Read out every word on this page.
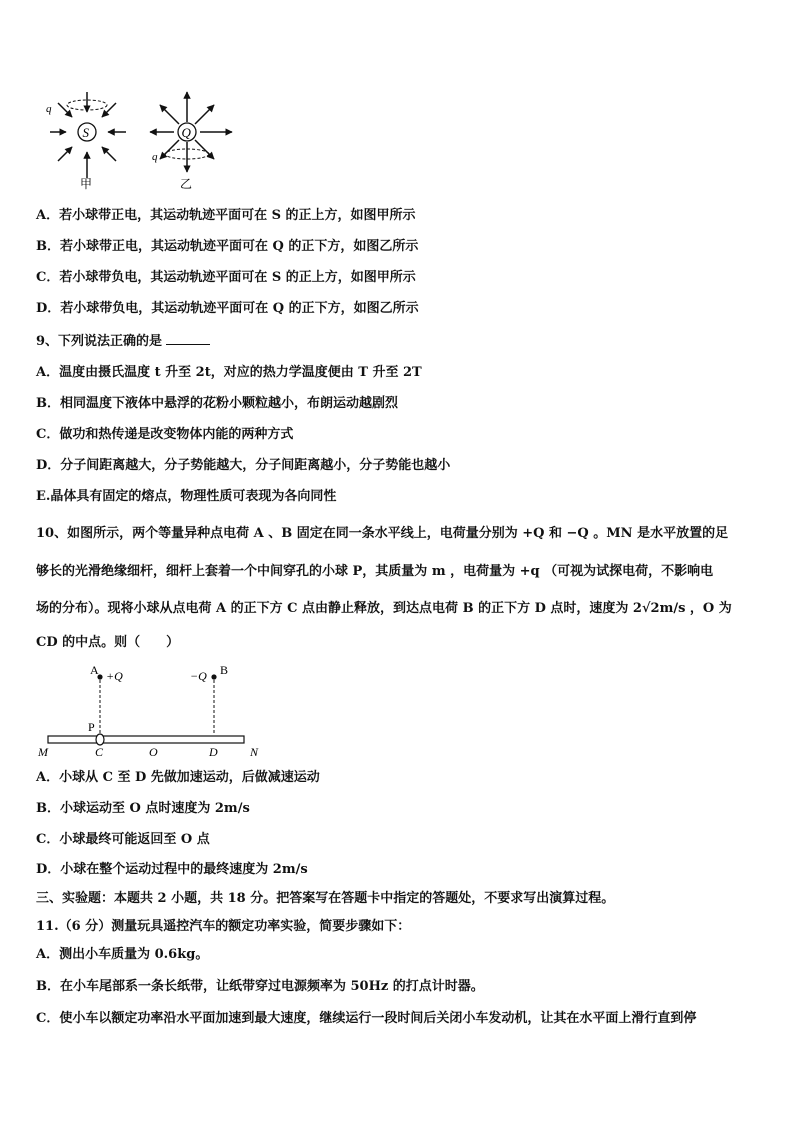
S
q
甲
Q
q
乙
A．若小球带正电，其运动轨迹平面可在 S 的正上方，如图甲所示
B．若小球带正电，其运动轨迹平面可在 Q 的正下方，如图乙所示
C．若小球带负电，其运动轨迹平面可在 S 的正上方，如图甲所示
D．若小球带负电，其运动轨迹平面可在 Q 的正下方，如图乙所示
9、下列说法正确的是
A．温度由摄氏温度 t 升至 2t，对应的热力学温度便由 T 升至 2T
B．相同温度下液体中悬浮的花粉小颗粒越小，布朗运动越剧烈
C．做功和热传递是改变物体内能的两种方式
D．分子间距离越大，分子势能越大，分子间距离越小，分子势能也越小
E.晶体具有固定的熔点，物理性质可表现为各向同性
10、如图所示，两个等量异种点电荷 A 、B 固定在同一条水平线上，电荷量分别为 +Q 和 −Q 。MN 是水平放置的足
够长的光滑绝缘细杆，细杆上套着一个中间穿孔的小球 P，其质量为 m ，电荷量为 +q （可视为试探电荷，不影响电
场的分布）。现将小球从点电荷 A 的正下方 C 点由静止释放，到达点电荷 B 的正下方 D 点时，速度为 2√2m/s ，O 为
CD 的中点。则（　　）
A +Q	−Q B
P
M	C	O	D	N
A．小球从 C 至 D 先做加速运动，后做减速运动
B．小球运动至 O 点时速度为 2m/s
C．小球最终可能返回至 O 点
D．小球在整个运动过程中的最终速度为 2m/s
三、实验题：本题共 2 小题，共 18 分。把答案写在答题卡中指定的答题处，不要求写出演算过程。
11.（6 分）测量玩具遥控汽车的额定功率实验，简要步骤如下：
A．测出小车质量为 0.6kg。
B．在小车尾部系一条长纸带，让纸带穿过电源频率为 50Hz 的打点计时器。
C．使小车以额定功率沿水平面加速到最大速度，继续运行一段时间后关闭小车发动机，让其在水平面上滑行直到停
